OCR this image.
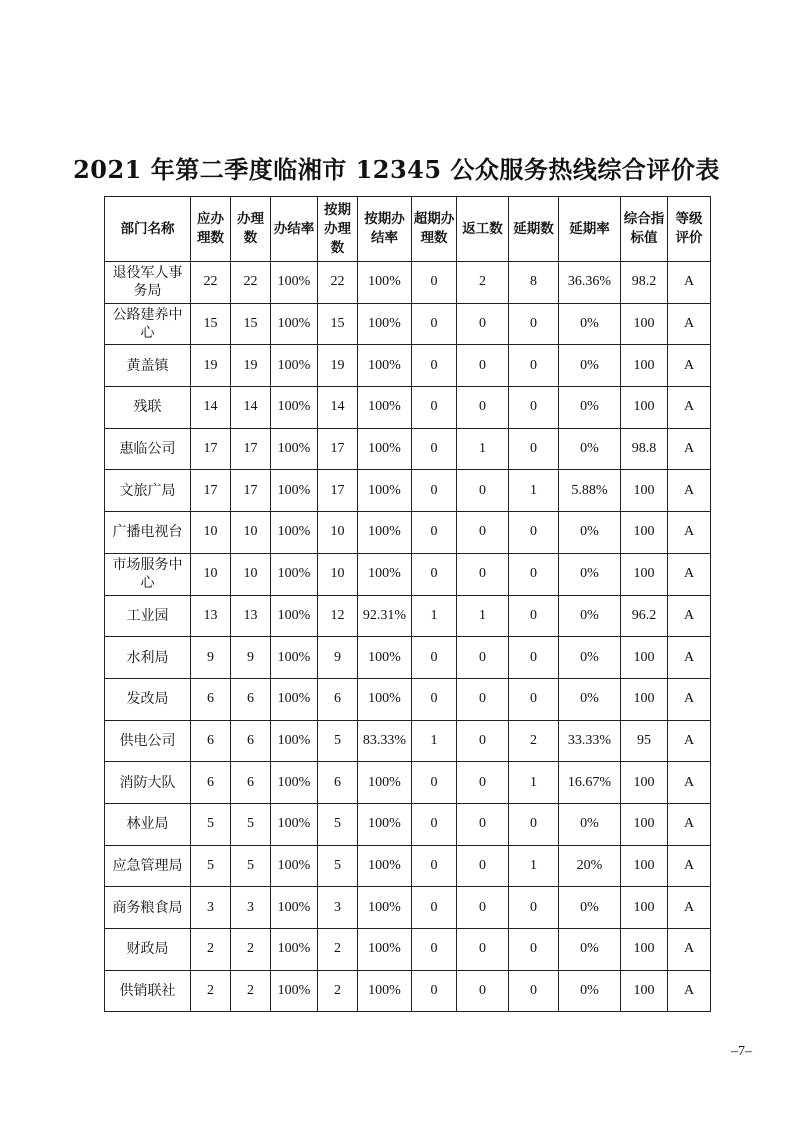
2021 年第二季度临湘市 12345 公众服务热线综合评价表
部门名称	应办理数	办理数	办结率	按期办理数	按期办结率	超期办理数	返工数	延期数	延期率	综合指标值	等级评价
退役军人事务局	22	22	100%	22	100%	0	2	8	36.36%	98.2	A
公路建养中心	15	15	100%	15	100%	0	0	0	0%	100	A
黄盖镇	19	19	100%	19	100%	0	0	0	0%	100	A
残联	14	14	100%	14	100%	0	0	0	0%	100	A
惠临公司	17	17	100%	17	100%	0	1	0	0%	98.8	A
文旅广局	17	17	100%	17	100%	0	0	1	5.88%	100	A
广播电视台	10	10	100%	10	100%	0	0	0	0%	100	A
市场服务中心	10	10	100%	10	100%	0	0	0	0%	100	A
工业园	13	13	100%	12	92.31%	1	1	0	0%	96.2	A
水利局	9	9	100%	9	100%	0	0	0	0%	100	A
发改局	6	6	100%	6	100%	0	0	0	0%	100	A
供电公司	6	6	100%	5	83.33%	1	0	2	33.33%	95	A
消防大队	6	6	100%	6	100%	0	0	1	16.67%	100	A
林业局	5	5	100%	5	100%	0	0	0	0%	100	A
应急管理局	5	5	100%	5	100%	0	0	1	20%	100	A
商务粮食局	3	3	100%	3	100%	0	0	0	0%	100	A
财政局	2	2	100%	2	100%	0	0	0	0%	100	A
供销联社	2	2	100%	2	100%	0	0	0	0%	100	A
–7–
